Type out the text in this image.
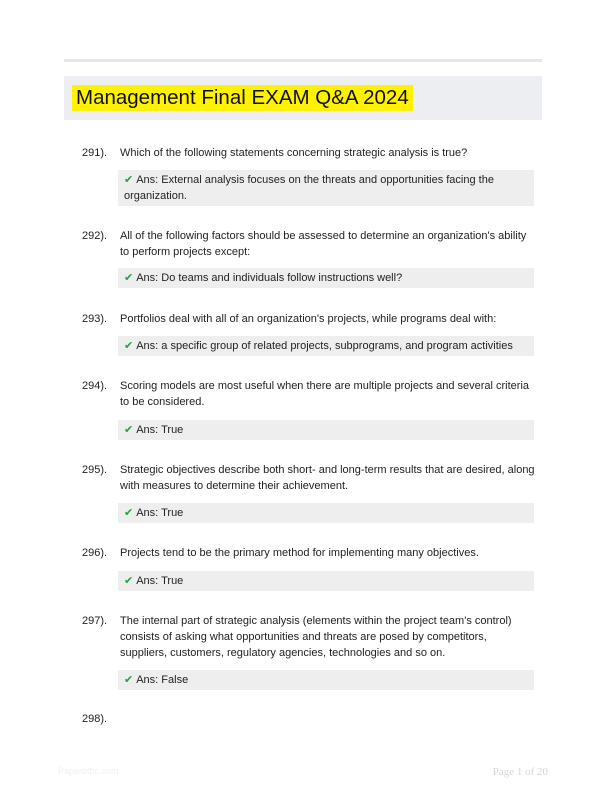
Management Final EXAM Q&A 2024
291). Which of the following statements concerning strategic analysis is true?
✔ Ans: External analysis focuses on the threats and opportunities facing the organization.
292). All of the following factors should be assessed to determine an organization's ability to perform projects except:
✔ Ans: Do teams and individuals follow instructions well?
293). Portfolios deal with all of an organization's projects, while programs deal with:
✔ Ans: a specific group of related projects, subprograms, and program activities
294). Scoring models are most useful when there are multiple projects and several criteria to be considered.
✔ Ans: True
295). Strategic objectives describe both short- and long-term results that are desired, along with measures to determine their achievement.
✔ Ans: True
296). Projects tend to be the primary method for implementing many objectives.
✔ Ans: True
297). The internal part of strategic analysis (elements within the project team's control) consists of asking what opportunities and threats are posed by competitors, suppliers, customers, regulatory agencies, technologies and so on.
✔ Ans: False
298).
Paperbtbc.com	Page 1 of 20
